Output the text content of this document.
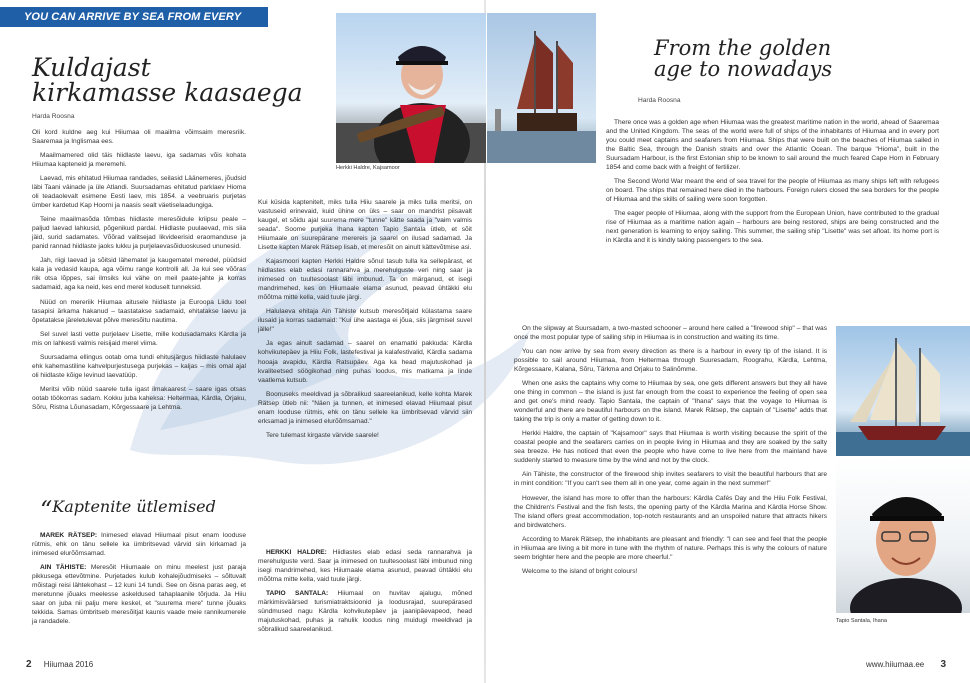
YOU CAN ARRIVE BY SEA FROM EVERY DIRECTIONS
Kuldajast
kirkamasse kaasaega
Harda Roosna

Oli kord kuldne aeg kui Hiiumaa oli maailma võimsaim meresriik. Saaremaa ja Inglismaa ees.

Maailmamered olid täis hiidlaste laevu, iga sadamas võis kohata Hiiumaa kapteneid ja meremehi.

Laevad, mis ehitatud Hiiumaa randades, seilasid Läänemeres, jõudsid läbi Taani väinade ja üle Atlandi. Suursadamas ehitatud parklaev Hioma oli teadaolevalt esimene Eesti laev, mis 1854. a veebruaris purjetas ümber kardetud Kap Hoorni ja naasis sealt väetiselaadungiga.

Teine maailmasõda tõmbas hiidlaste meresõidule kriipsu peale – paljud laevad lahkusid, põgenikud pardal. Hiidlaste puulaevad, mis siia jäid, surid sadamates. Võõrad valitsejad likvideerisid eraomanduse ja panid rannad hiidlaste jaoks lukku ja purjelaevasõiduoskused ununesid.

Jah, riigi laevad ja sõitsid lähematel ja kaugematel meredel, püüdsid kala ja vedasid kaupa, aga võimu range kontrolli all. Ja kui see võõras riik otsa lõppes, sai ilmsiks kui vähe on meil paate-jahte ja korras sadamaid, aga ka neid, kes end merel koduselt tunneksid.

Nüüd on mereriik Hiiumaa aitusele hiidlaste ja Euroopa Liidu toel tasapisi ärkama hakanud – taastatakse sadamaid, ehitatakse laevu ja õpetatakse järeletulevat põlve meresõitu nautima.

Sel suvel lasti vette purjelaev Lisette, mille kodusadamaks Kärdla ja mis on lahkesti valmis reisijaid merel viima.

Suursadama ellingus ootab oma tundi ehitusjärgus hiidlaste halulaev ehk kahemastiline kahvelpurjestusega purjekas – kaljas – mis omal ajal oli hiidlaste kõige levinud laevatüüp.

Meritsi võib nüüd saarele tulla igast ilmakaarest – saare igas otsas ootab töökorras sadam. Kokku juba kaheksa: Heltermaa, Kärdla, Orjaku, Sõru, Ristna Lõunasadam, Kõrgessaare ja Lehtma.

Herkki Haldre, Kajsamoor

Kui küsida kaptenitelt, miks tulla Hiiu saarele ja miks tulla meritsi, on vastuseid erinevaid, kuid ühine on üks – saar on mandrist piisavalt kaugel, et sõidu ajal suurema mere "tunne" kätte saada ja "vaim valmis seada". Soome purjeka Ihana kapten Tapio Santala ütleb, et sõit Hiiumaale on suurepärane merereis ja saarel on ilusad sadamad. Ja Lisette kapten Marek Rätsep lisab, et meresõit on ainult kättevõtmise asi.

Kajasmoori kapten Herkki Haldre sõnul tasub tulla ka sellepärast, et hiidlastes elab edasi rannarahva ja merehulguste veri ning saar ja inimesed on tuultesoolast läbi imbunud. Ta on märganud, et isegi mandrimehed, kes on Hiiumaale elama asunud, peavad ühtäkki elu mõõtma mitte kella, vaid tuule järgi.

Halulaeva ehitaja Ain Tähiste kutsub meresõitjaid külastama saare ilusaid ja korras sadamaid: "Kui ühe aastaga ei jõua, siis järgmisel suvel jälle!"

Ja egas ainult sadamad – saarel on enamatki pakkuda: Kärdla kohvikutepäev ja Hiiu Folk, lastefestival ja kalafestivalid, Kärdla sadama hooaja avapidu, Kärdla Ratsupäev. Aga ka head majutuskohad ja kvaliteetsed söögikohad ning puhas loodus, mis matkama ja linde vaatlema kutsub.

Boonuseks meeldivad ja sõbralikud saareelanikud, kelle kohta Marek Rätsep ütleb nii: "Näen ja tunnen, et inimesed elavad Hiiumaal pisut enam looduse rütmis, ehk on tänu sellele ka ümbritsevad värvid siin erksamad ja inimesed elurõõmsamad."

Tere tulemast kirgaste värvide saarele!

“Kaptenite ütlemised

MAREK RÄTSEP: Inimesed elavad Hiiumaal pisut enam looduse rütmis, ehk on tänu sellele ka ümbritsevad värvid siin kirkamad ja inimesed elurõõmsamad.

AIN TÄHISTE: Meresõit Hiiumaale on minu meelest just paraja pikkusega ettevõtmine. Purjetades kulub kohalejõudmiseks – sõltuvalt mõistagi reisi lähtekohast – 12 kuni 14 tundi. See on õisna paras aeg, et meretunne jõuaks meelesse askeldused tahaplaanile tõrjuda. Ja Hiiu saar on juba nii palju mere keskel, et "suurema mere" tunne jõuaks tekkida. Samas ümbritseb meresõitjat kaunis vaade meie rannikumerele ja randadele.

HERKKI HALDRE: Hiidlastes elab edasi seda rannarahva ja merehulguste verd. Saar ja inimesed on tuultesoolast läbi imbunud ning isegi mandrimehed, kes Hiiumaale elama asunud, peavad ühtäkki elu mõõtma mitte kella, vaid tuule järgi.

TAPIO SANTALA: Hiiumaal on huvitav ajalugu, mõned märkimisväärsed turismiatraktsioonid ja loodusrajad, suurepärased sündmused nagu Kärdla kohvikutepäev ja jaanipäevapeod, head majutuskohad, puhas ja rahulik loodus ning muidugi meeldivad ja sõbralikud saareelanikud.

From the golden
age to nowadays
Harda Roosna

There once was a golden age when Hiiumaa was the greatest maritime nation in the world, ahead of Saaremaa and the United Kingdom. The seas of the world were full of ships of the inhabitants of Hiiumaa and in every port you could meet captains and seafarers from Hiiumaa. Ships that were built on the beaches of Hiiumaa sailed in the Baltic Sea, through the Danish straits and over the Atlantic Ocean. The barque "Hioma", built in the Suursadam Harbour, is the first Estonian ship to be known to sail around the much feared Cape Horn in February 1854 and come back with a freight of fertilizer.

The Second World War meant the end of sea travel for the people of Hiiumaa as many ships left with refugees on board. The ships that remained here died in the harbours. Foreign rulers closed the sea borders for the people of Hiiumaa and the skills of sailing were soon forgotten.

The eager people of Hiiumaa, along with the support from the European Union, have contributed to the gradual rise of Hiiumaa as a maritime nation again – harbours are being restored, ships are being constructed and the next generation is learning to enjoy sailing. This summer, the sailing ship "Lisette" was set afloat. Its home port is in Kärdla and it is kindly taking passengers to the sea.

On the slipway at Suursadam, a two-masted schooner – around here called a "firewood ship" – that was once the most popular type of sailing ship in Hiiumaa is in construction and waiting its time.

You can now arrive by sea from every direction as there is a harbour in every tip of the island. It is possible to sail around Hiiumaa, from Heltermaa through Suuresadam, Roograhu, Kärdla, Lehtma, Kõrgessaare, Kalana, Sõru, Tärkma and Orjaku to Salinõmme.

When one asks the captains why come to Hiiumaa by sea, one gets different answers but they all have one thing in common – the island is just far enough from the coast to experience the feeling of open sea and get one's mind ready. Tapio Santala, the captain of "Ihana" says that the voyage to Hiiumaa is wonderful and there are beautiful harbours on the island. Marek Rätsep, the captain of "Lisette" adds that taking the trip is only a matter of getting down to it.

Herkki Haldre, the captain of "Kajsamoor" says that Hiiumaa is worth visiting because the spirit of the coastal people and the seafarers carries on in people living in Hiiumaa and they are soaked by the salty sea breeze. He has noticed that even the people who have come to live here from the mainland have suddenly started to measure time by the wind and not by the clock.

Ain Tähiste, the constructor of the firewood ship invites seafarers to visit the beautiful harbours that are in mint condition: "If you can't see them all in one year, come again in the next summer!"

However, the island has more to offer than the harbours: Kärdla Cafés Day and the Hiiu Folk Festival, the Children's Festival and the fish fests, the opening party of the Kärdla Marina and Kärdla Horse Show. The island offers great accommodation, top-notch restaurants and an unspoiled nature that attracts hikers and birdwatchers.

According to Marek Rätsep, the inhabitants are pleasant and friendly: "I can see and feel that the people in Hiiumaa are living a bit more in tune with the rhythm of nature. Perhaps this is why the colours of nature seem brighter here and the people are more cheerful."

Welcome to the island of bright colours!

Tapio Santala, Ihana
2 Hiiumaa 2016	www.hiiumaa.ee 3
